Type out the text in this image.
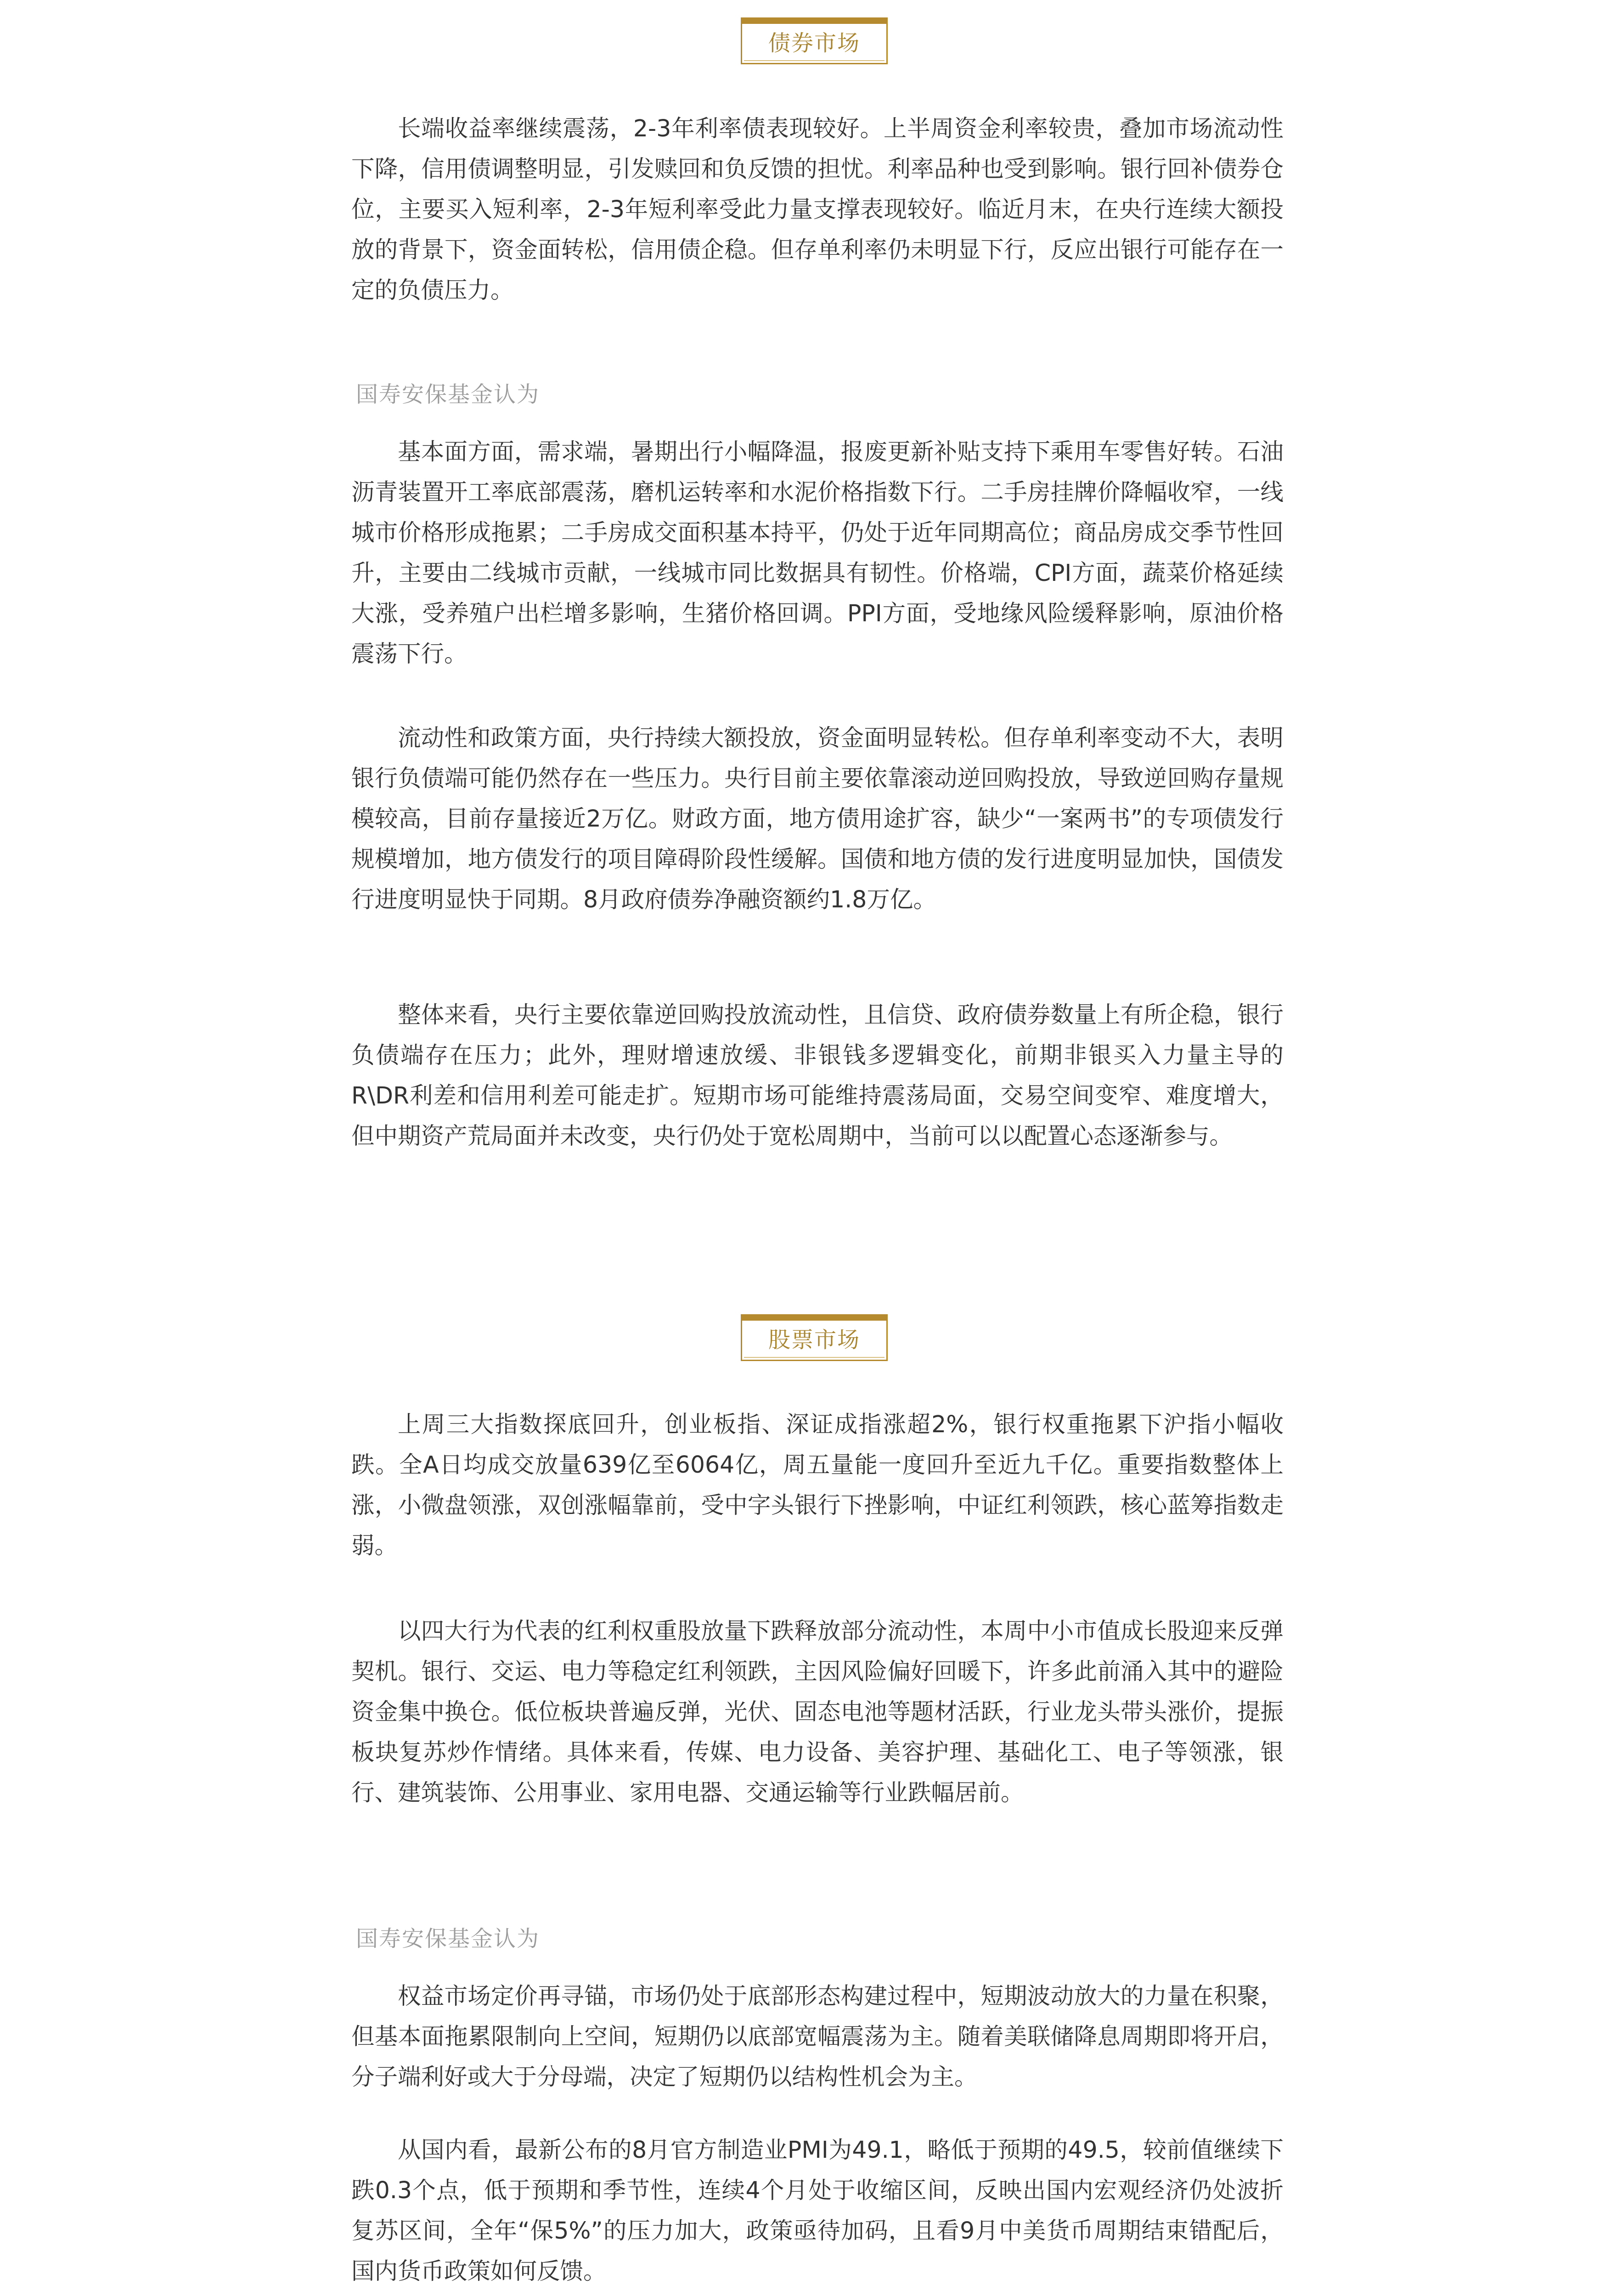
债券市场

长端收益率继续震荡，2-3年利率债表现较好。上半周资金利率较贵，叠加市场流动性下降，信用债调整明显，引发赎回和负反馈的担忧。利率品种也受到影响。银行回补债券仓位，主要买入短利率，2-3年短利率受此力量支撑表现较好。临近月末，在央行连续大额投放的背景下，资金面转松，信用债企稳。但存单利率仍未明显下行，反应出银行可能存在一定的负债压力。

国寿安保基金认为

基本面方面，需求端，暑期出行小幅降温，报废更新补贴支持下乘用车零售好转。石油沥青装置开工率底部震荡，磨机运转率和水泥价格指数下行。二手房挂牌价降幅收窄，一线城市价格形成拖累；二手房成交面积基本持平，仍处于近年同期高位；商品房成交季节性回升，主要由二线城市贡献，一线城市同比数据具有韧性。价格端，CPI方面，蔬菜价格延续大涨，受养殖户出栏增多影响，生猪价格回调。PPI方面，受地缘风险缓释影响，原油价格震荡下行。

流动性和政策方面，央行持续大额投放，资金面明显转松。但存单利率变动不大，表明银行负债端可能仍然存在一些压力。央行目前主要依靠滚动逆回购投放，导致逆回购存量规模较高，目前存量接近2万亿。财政方面，地方债用途扩容，缺少“一案两书”的专项债发行规模增加，地方债发行的项目障碍阶段性缓解。国债和地方债的发行进度明显加快，国债发行进度明显快于同期。8月政府债券净融资额约1.8万亿。

整体来看，央行主要依靠逆回购投放流动性，且信贷、政府债券数量上有所企稳，银行负债端存在压力；此外，理财增速放缓、非银钱多逻辑变化，前期非银买入力量主导的R\DR利差和信用利差可能走扩。短期市场可能维持震荡局面，交易空间变窄、难度增大，但中期资产荒局面并未改变，央行仍处于宽松周期中，当前可以以配置心态逐渐参与。

股票市场

上周三大指数探底回升，创业板指、深证成指涨超2%，银行权重拖累下沪指小幅收跌。全A日均成交放量639亿至6064亿，周五量能一度回升至近九千亿。重要指数整体上涨，小微盘领涨，双创涨幅靠前，受中字头银行下挫影响，中证红利领跌，核心蓝筹指数走弱。

以四大行为代表的红利权重股放量下跌释放部分流动性，本周中小市值成长股迎来反弹契机。银行、交运、电力等稳定红利领跌，主因风险偏好回暖下，许多此前涌入其中的避险资金集中换仓。低位板块普遍反弹，光伏、固态电池等题材活跃，行业龙头带头涨价，提振板块复苏炒作情绪。具体来看，传媒、电力设备、美容护理、基础化工、电子等领涨，银行、建筑装饰、公用事业、家用电器、交通运输等行业跌幅居前。

国寿安保基金认为

权益市场定价再寻锚，市场仍处于底部形态构建过程中，短期波动放大的力量在积聚，但基本面拖累限制向上空间，短期仍以底部宽幅震荡为主。随着美联储降息周期即将开启，分子端利好或大于分母端，决定了短期仍以结构性机会为主。

从国内看，最新公布的8月官方制造业PMI为49.1，略低于预期的49.5，较前值继续下跌0.3个点，低于预期和季节性，连续4个月处于收缩区间，反映出国内宏观经济仍处波折复苏区间，全年“保5%”的压力加大，政策亟待加码，且看9月中美货币周期结束错配后，国内货币政策如何反馈。
